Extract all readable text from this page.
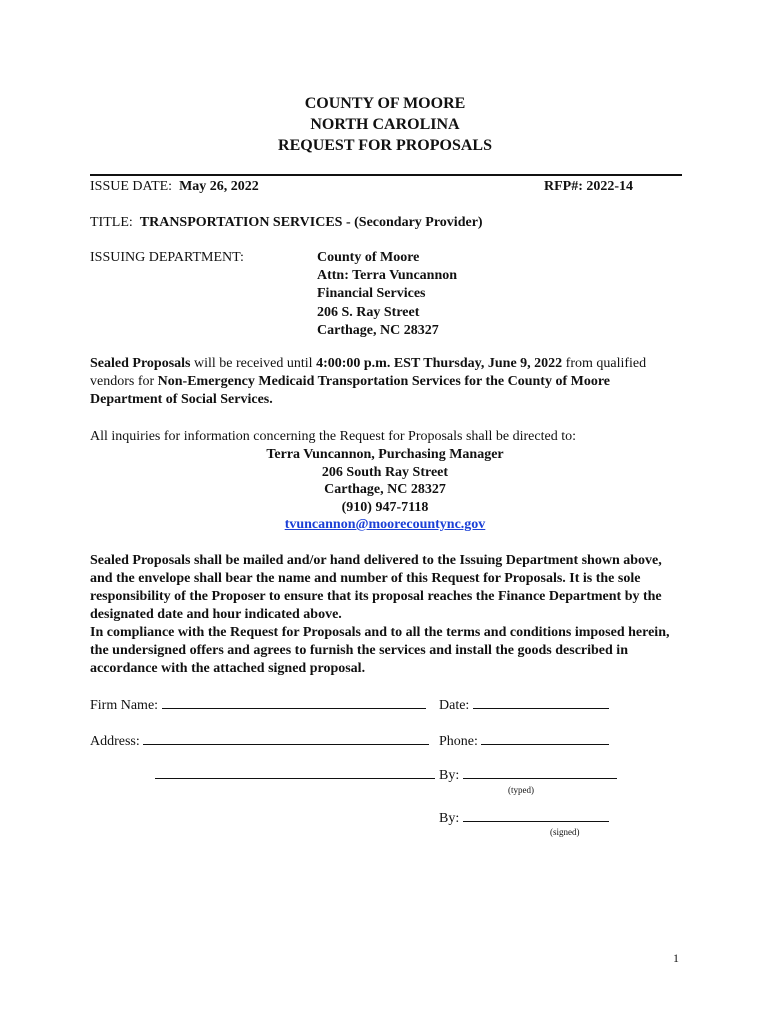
COUNTY OF MOORE
NORTH CAROLINA
REQUEST FOR PROPOSALS
ISSUE DATE: May 26, 2022	RFP#: 2022-14
TITLE: TRANSPORTATION SERVICES - (Secondary Provider)
ISSUING DEPARTMENT:	County of Moore
Attn: Terra Vuncannon
Financial Services
206 S. Ray Street
Carthage, NC 28327
Sealed Proposals will be received until 4:00:00 p.m. EST Thursday, June 9, 2022 from qualified vendors for Non-Emergency Medicaid Transportation Services for the County of Moore Department of Social Services.
All inquiries for information concerning the Request for Proposals shall be directed to:
Terra Vuncannon, Purchasing Manager
206 South Ray Street
Carthage, NC 28327
(910) 947-7118
tvuncannon@moorecountync.gov
Sealed Proposals shall be mailed and/or hand delivered to the Issuing Department shown above, and the envelope shall bear the name and number of this Request for Proposals. It is the sole responsibility of the Proposer to ensure that its proposal reaches the Finance Department by the designated date and hour indicated above.
In compliance with the Request for Proposals and to all the terms and conditions imposed herein, the undersigned offers and agrees to furnish the services and install the goods described in accordance with the attached signed proposal.
Firm Name:	Date:
Address:	Phone:
By:
(typed)
By:
(signed)
1
